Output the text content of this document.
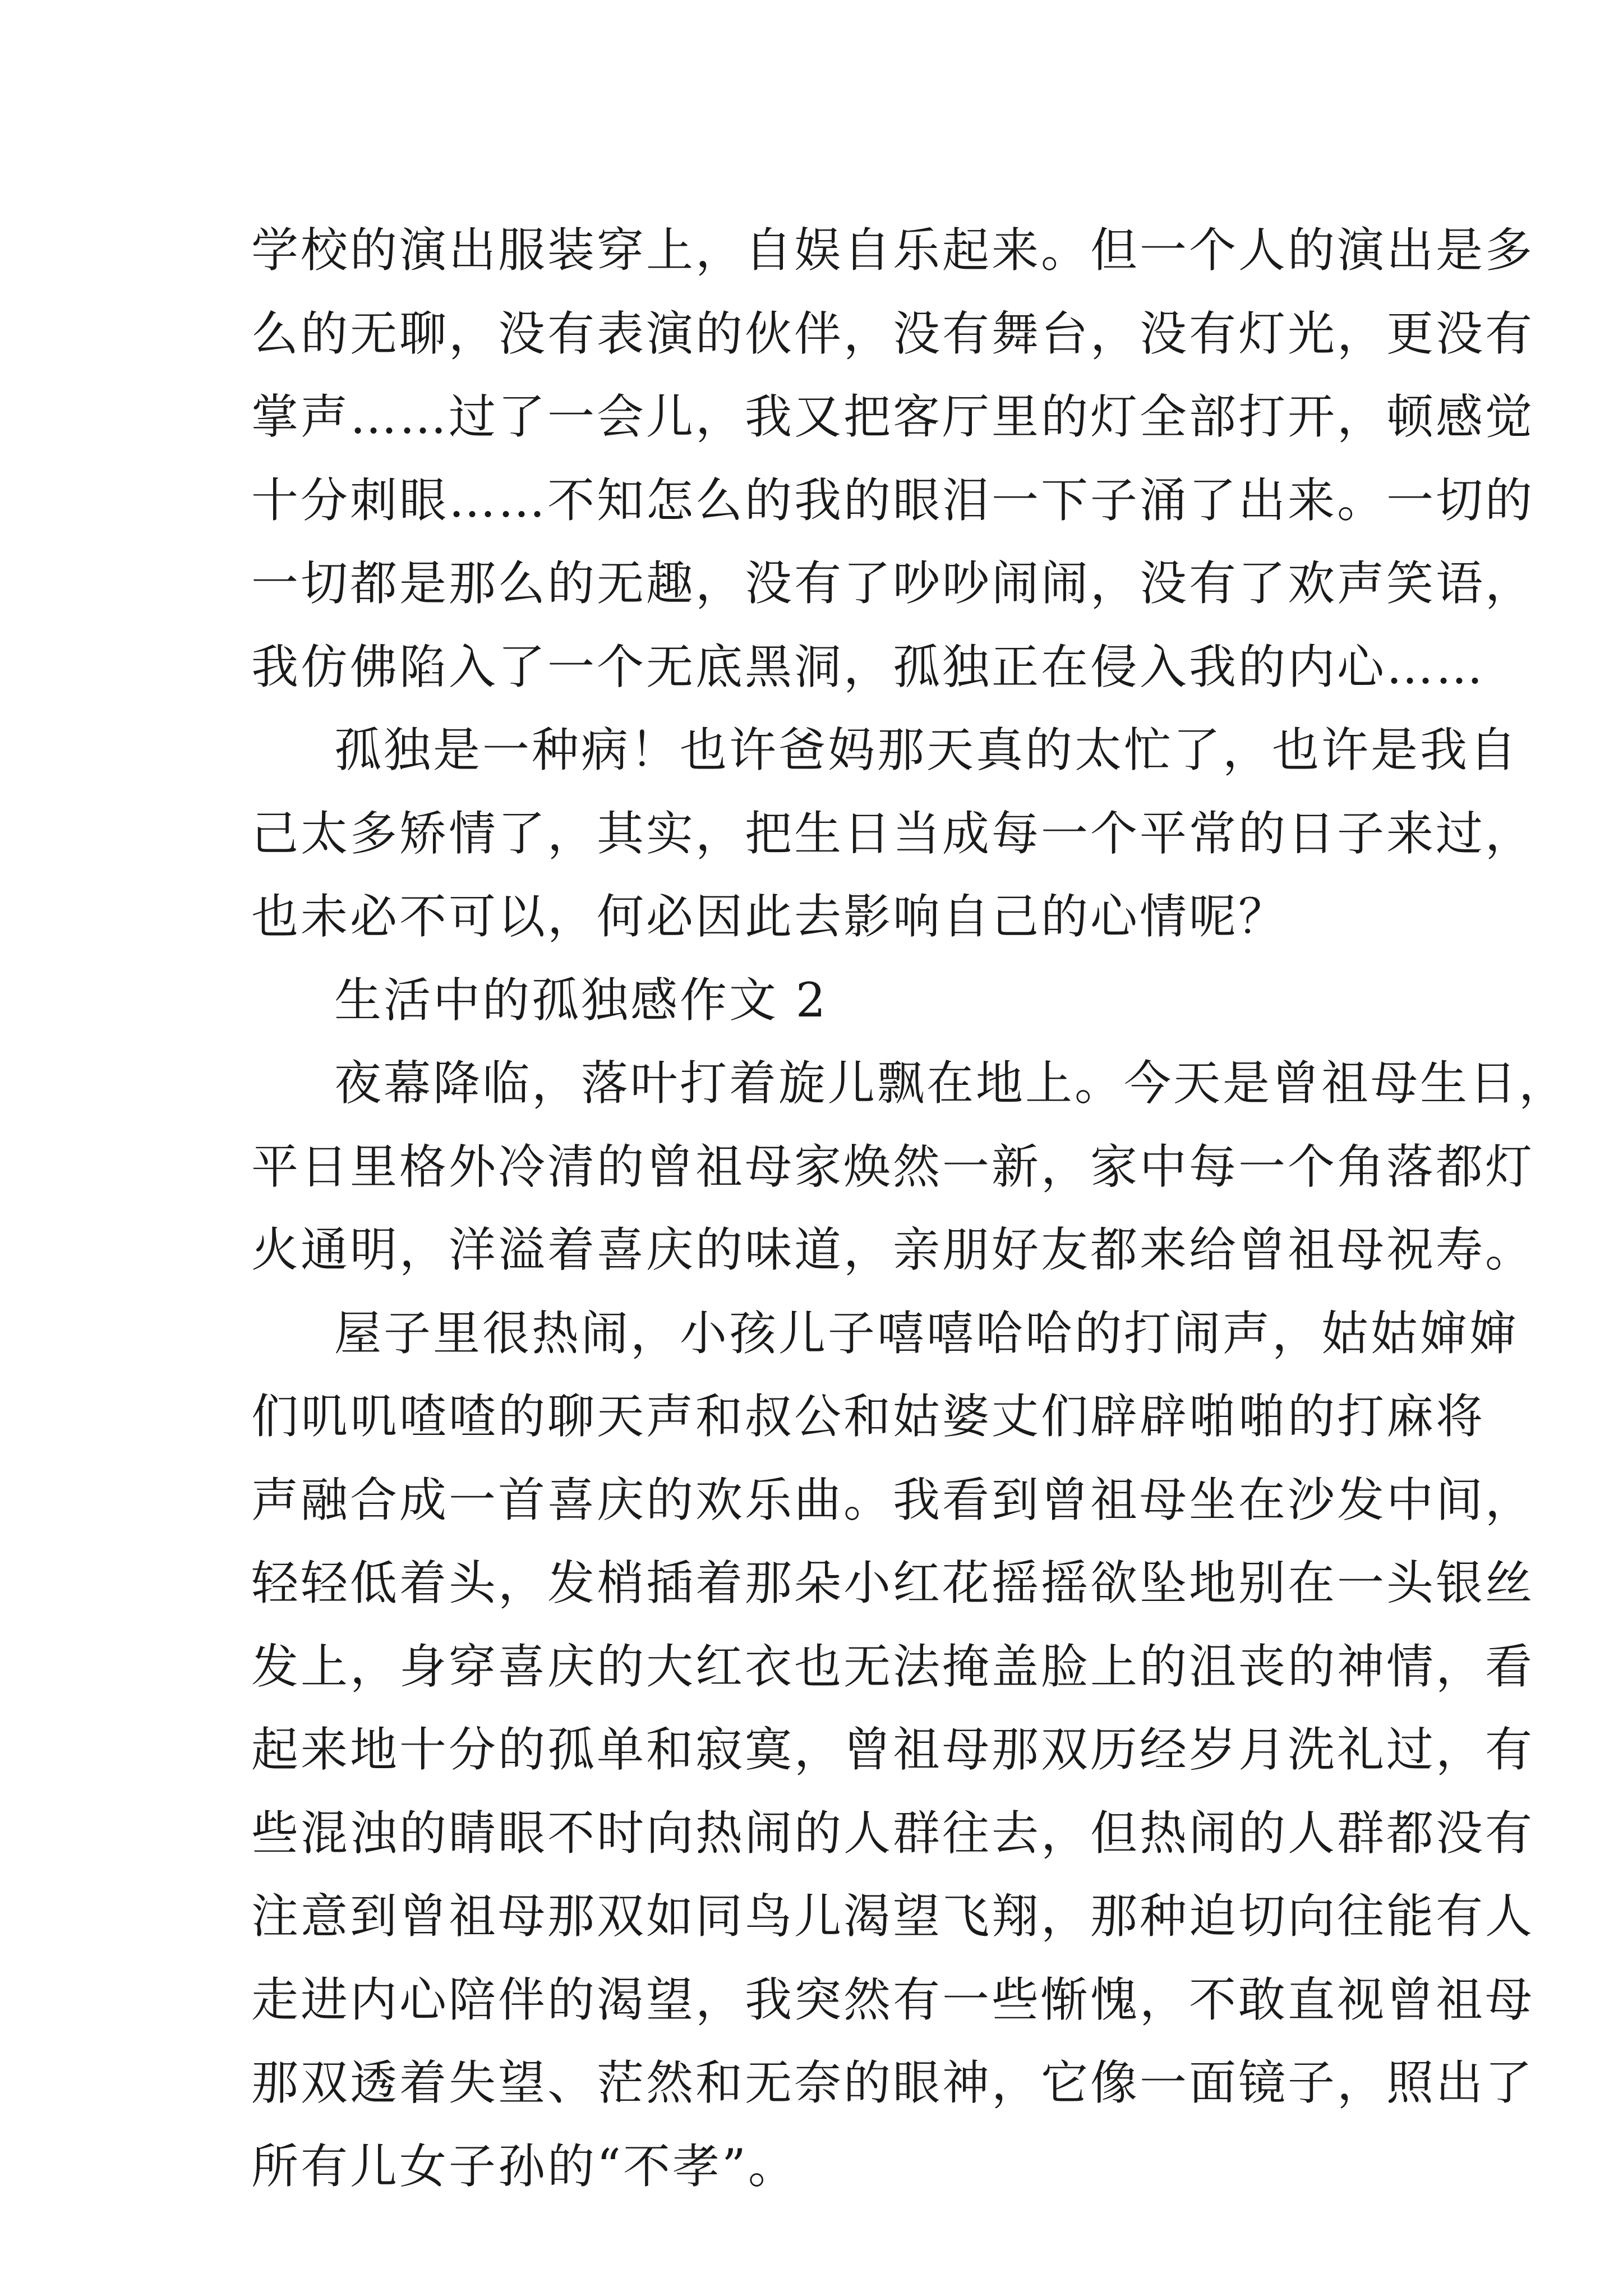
学校的演出服装穿上，自娱自乐起来。但一个人的演出是多
么的无聊，没有表演的伙伴，没有舞台，没有灯光，更没有
掌声……过了一会儿，我又把客厅里的灯全部打开，顿感觉
十分刺眼……不知怎么的我的眼泪一下子涌了出来。一切的
一切都是那么的无趣，没有了吵吵闹闹，没有了欢声笑语，
我仿佛陷入了一个无底黑洞，孤独正在侵入我的内心……
孤独是一种病！也许爸妈那天真的太忙了，也许是我自
己太多矫情了，其实，把生日当成每一个平常的日子来过，
也未必不可以，何必因此去影响自己的心情呢？
生活中的孤独感作文 2
夜幕降临，落叶打着旋儿飘在地上。今天是曾祖母生日，
平日里格外冷清的曾祖母家焕然一新，家中每一个角落都灯
火通明，洋溢着喜庆的味道，亲朋好友都来给曾祖母祝寿。
屋子里很热闹，小孩儿子嘻嘻哈哈的打闹声，姑姑婶婶
们叽叽喳喳的聊天声和叔公和姑婆丈们辟辟啪啪的打麻将
声融合成一首喜庆的欢乐曲。我看到曾祖母坐在沙发中间，
轻轻低着头，发梢插着那朵小红花摇摇欲坠地别在一头银丝
发上，身穿喜庆的大红衣也无法掩盖脸上的沮丧的神情，看
起来地十分的孤单和寂寞，曾祖母那双历经岁月洗礼过，有
些混浊的睛眼不时向热闹的人群往去，但热闹的人群都没有
注意到曾祖母那双如同鸟儿渴望飞翔，那种迫切向往能有人
走进内心陪伴的渴望，我突然有一些惭愧，不敢直视曾祖母
那双透着失望、茫然和无奈的眼神，它像一面镜子，照出了
所有儿女子孙的“不孝”。
